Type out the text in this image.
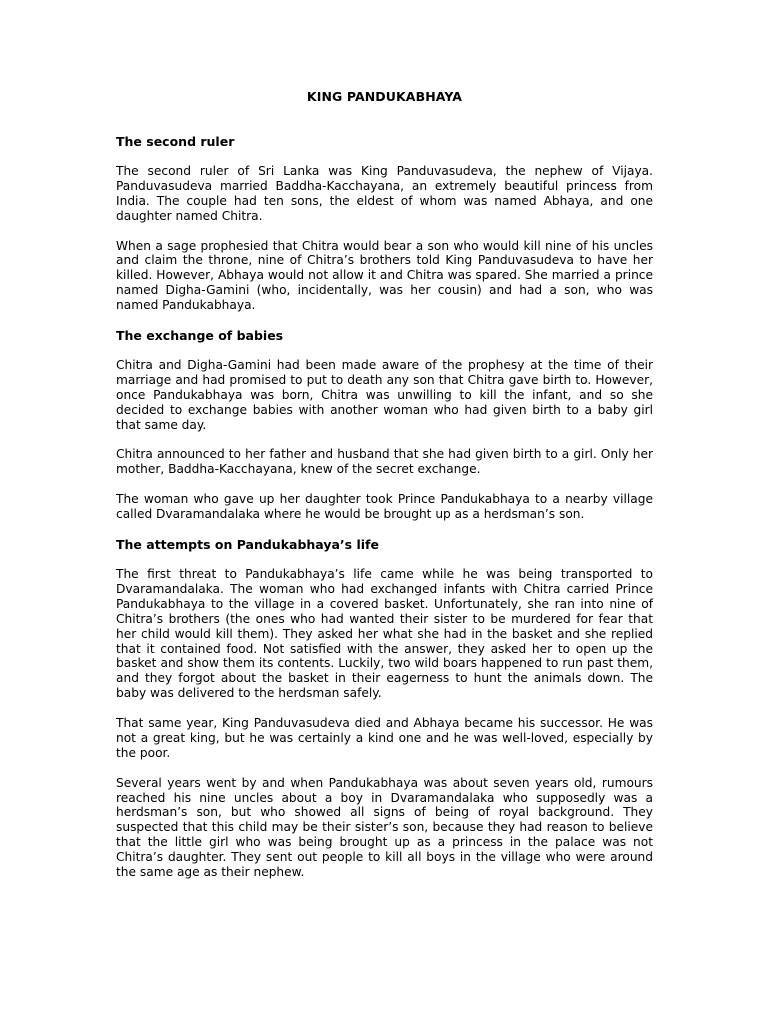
KING PANDUKABHAYA
The second ruler

The second ruler of Sri Lanka was King Panduvasudeva, the nephew of Vijaya. Panduvasudeva married Baddha-Kacchayana, an extremely beautiful princess from India. The couple had ten sons, the eldest of whom was named Abhaya, and one daughter named Chitra.

When a sage prophesied that Chitra would bear a son who would kill nine of his uncles and claim the throne, nine of Chitra’s brothers told King Panduvasudeva to have her killed. However, Abhaya would not allow it and Chitra was spared. She married a prince named Digha-Gamini (who, incidentally, was her cousin) and had a son, who was named Pandukabhaya.

The exchange of babies

Chitra and Digha-Gamini had been made aware of the prophesy at the time of their marriage and had promised to put to death any son that Chitra gave birth to. However, once Pandukabhaya was born, Chitra was unwilling to kill the infant, and so she decided to exchange babies with another woman who had given birth to a baby girl that same day.

Chitra announced to her father and husband that she had given birth to a girl. Only her mother, Baddha-Kacchayana, knew of the secret exchange.

The woman who gave up her daughter took Prince Pandukabhaya to a nearby village called Dvaramandalaka where he would be brought up as a herdsman’s son.

The attempts on Pandukabhaya’s life

The first threat to Pandukabhaya’s life came while he was being transported to Dvaramandalaka. The woman who had exchanged infants with Chitra carried Prince Pandukabhaya to the village in a covered basket. Unfortunately, she ran into nine of Chitra’s brothers (the ones who had wanted their sister to be murdered for fear that her child would kill them). They asked her what she had in the basket and she replied that it contained food. Not satisfied with the answer, they asked her to open up the basket and show them its contents. Luckily, two wild boars happened to run past them, and they forgot about the basket in their eagerness to hunt the animals down. The baby was delivered to the herdsman safely.

That same year, King Panduvasudeva died and Abhaya became his successor. He was not a great king, but he was certainly a kind one and he was well-loved, especially by the poor.

Several years went by and when Pandukabhaya was about seven years old, rumours reached his nine uncles about a boy in Dvaramandalaka who supposedly was a herdsman’s son, but who showed all signs of being of royal background. They suspected that this child may be their sister’s son, because they had reason to believe that the little girl who was being brought up as a princess in the palace was not Chitra’s daughter. They sent out people to kill all boys in the village who were around the same age as their nephew.
